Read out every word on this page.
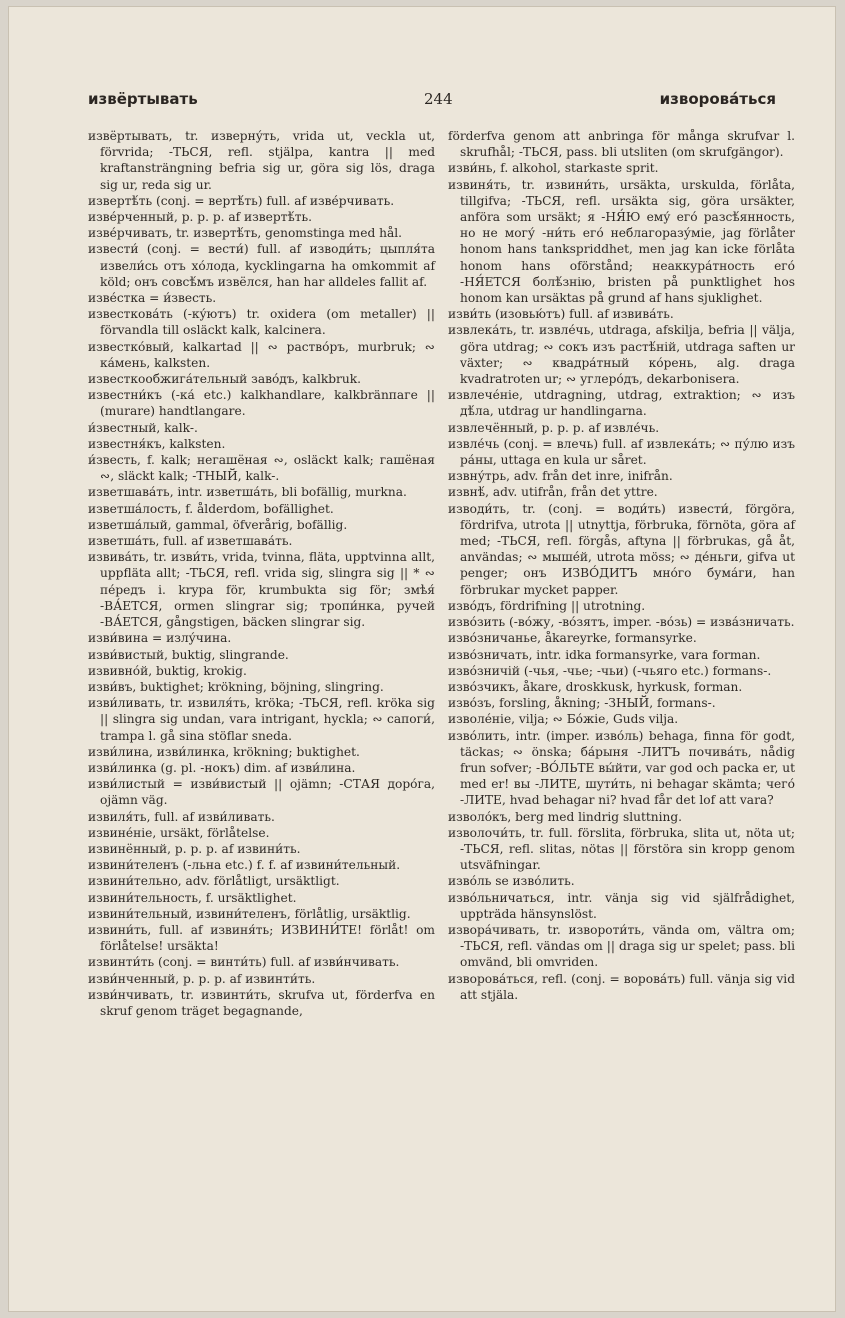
извёртывать	244	изворова́ться
извёртывать, tr. изверну́ть, vrida ut, veckla ut, förvrida; -ТЬСЯ, refl. stjälpa, kantra || med kraftansträngning befria sig ur, göra sig lös, draga sig ur, reda sig ur.
извертѣ́ть (conj. = вертѣ́ть) full. af изве́рчивать.
изве́рченный, p. p. p. af извертѣ́ть.
изве́рчивать, tr. извертѣ́ть, genomstinga med hål.
извести́ (conj. = вести́) full. af изводи́ть; цыпля́та извели́сь отъ хо́лода, kycklingarna ha omkommit af köld; онъ совсѣ́мъ извёлся, han har alldeles fallit af.
изве́стка = и́звесть.
известкова́ть (-ку́ютъ) tr. oxidera (om metaller) || förvandla till osläckt kalk, kalcinera.
известко́вый, kalkartad || ∾ раство́ръ, murbruk; ∾ ка́мень, kalksten.
известкообжига́тельный заво́дъ, kalkbruk.
известни́къ (-ка́ etc.) kalkhandlare, kalkbränпаге || (murare) handtlangare.
и́звестный, kalk-.
известня́къ, kalksten.
и́звесть, f. kalk; негашёная ∾, osläckt kalk; гашёная ∾, släckt kalk; -ТНЫЙ, kalk-.
изветшава́ть, intr. изветша́ть, bli bofällig, murkna.
изветша́лость, f. ålderdom, bofällighet.
изветша́лый, gammal, öfverårig, bofällig.
изветша́ть, full. af изветшава́ть.
извива́ть, tr. изви́ть, vrida, tvinna, fläta, upptvinna allt, uppfläta allt; -ТЬСЯ, refl. vrida sig, slingra sig || * ∾ пе́редъ i. krypa för, krumbukta sig för; змѣя́ -ВА́ЕТСЯ, ormen slingrar sig; тропи́нка, ручей -ВА́ЕТСЯ, gångstigen, bäcken slingrar sig.
изви́вина = излу́чина.
изви́вистый, buktig, slingrande.
извивно́й, buktig, krokig.
изви́въ, buktighet; krökning, böjning, slingring.
изви́ливать, tr. извиля́ть, kröka; -ТЬСЯ, refl. kröka sig || slingra sig undan, vara intrigant, hyckla; ∾ сапоги́, trampa l. gå sina stöflar sneda.
изви́лина, изви́линка, krökning; buktighet.
изви́линка (g. pl. -нокъ) dim. af изви́лина.
изви́листый = изви́вистый || ojämn; -СТАЯ доро́га, ojämn väg.
извиля́ть, full. af изви́ливать.
извине́нiе, ursäkt, förlåtelse.
извинённый, p. p. p. af извини́ть.
извини́теленъ (-льна etc.) f. f. af извини́тельный.
извини́тельно, adv. förlåtligt, ursäktligt.
извини́тельность, f. ursäktlighet.
извини́тельный, извини́теленъ, förlåtlig, ursäktlig.
извини́ть, full. af извиня́ть; ИЗВИНИ́ТЕ! förlåt! om förlåtelse! ursäkta!
извинти́ть (conj. = винти́ть) full. af изви́нчивать.
изви́нченный, p. p. p. af извинти́ть.
изви́нчивать, tr. извинти́ть, skrufva ut, förderfva en skruf genom träget begagnande,
förderfva genom att anbringa för många skrufvar l. skrufhål; -ТЬСЯ, pass. bli utsliten (om skrufgängor).
изви́нь, f. alkohol, starkaste sprit.
извиня́ть, tr. извини́ть, ursäkta, urskulda, förlåta, tillgifva; -ТЬСЯ, refl. ursäkta sig, göra ursäkter, anföra som ursäkt; я -НЯ́Ю ему́ его́ разсѣ́янность, но не могу́ -ни́ть его́ неблагоразу́мiе, jag förlåter honom hans tankspriddhet, men jag kan icke förlåta honom hans oförstånd; неаккура́тность его́ -НЯ́ЕТСЯ болѣ́знiю, bristen på punktlighet hos honom kan ursäktas på grund af hans sjuklighet.
изви́ть (изовью́тъ) full. af извива́ть.
извлека́ть, tr. извле́чь, utdraga, afskilja, befria || välja, göra utdrag; ∾ сокъ изъ растѣ́нiй, utdraga saften ur växter; ∾ квадра́тный ко́рень, alg. draga kvadratroten ur; ∾ углеро́дъ, dekarbonisera.
извлече́нiе, utdragning, utdrag, extraktion; ∾ изъ дѣ́ла, utdrag ur handlingarna.
извлечённый, p. p. p. af извле́чь.
извле́чь (conj. = влечь) full. af извлека́ть; ∾ пу́лю изъ ра́ны, uttaga en kula ur såret.
извну́трь, adv. från det inre, inifrån.
извнѣ́, adv. utifrån, från det yttre.
изводи́ть, tr. (conj. = води́ть) извести́, förgöra, fördrifva, utrota || utnyttja, förbruka, förnöta, göra af med; -ТЬСЯ, refl. förgås, aftyna || förbrukas, gå åt, användas; ∾ мыше́й, utrota möss; ∾ де́ньги, gifva ut penger; онъ ИЗВО́ДИТЪ мно́го бума́ги, han förbrukar mycket papper.
изво́дъ, fördrifning || utrotning.
изво́зить (-во́жу, -во́зятъ, imper. -во́зь) = изва́зничать.
изво́зничанье, åkareyrke, formansyrke.
изво́зничать, intr. idka formansyrke, vara forman.
изво́зничiй (-чья, -чье; -чьи) (-чьяго etc.) formans-.
изво́зчикъ, åkare, droskkusk, hyrkusk, forman.
изво́зъ, forsling, åkning; -ЗНЫЙ, formans-.
изволе́нiе, vilja; ∾ Бо́жiе, Guds vilja.
изво́лить, intr. (imper. изво́ль) behaga, finna för godt, täckas; ∾ önska; ба́рыня -ЛИТЪ почива́ть, nådig frun sofver; -ВО́ЛЬТЕ вы́йти, var god och packa er, ut med er! вы -ЛИТЕ, шути́ть, ni behagar skämta; чего́ -ЛИТЕ, hvad behagar ni? hvad får det lof att vara?
изволо́къ, berg med lindrig sluttning.
изволочи́ть, tr. full. förslita, förbruka, slita ut, nöta ut; -ТЬСЯ, refl. slitas, nötas || förstöra sin kropp genom utsväfningar.
изво́ль se изво́лить.
изво́льничаться, intr. vänja sig vid själfrådighet, uppträda hänsynslöst.
извора́чивать, tr. изворoти́ть, vända om, vältra om; -ТЬСЯ, refl. vändas om || draga sig ur spelet; pass. bli omvänd, bli omvriden.
изворова́ться, refl. (conj. = ворова́ть) full. vänja sig vid att stjäla.
